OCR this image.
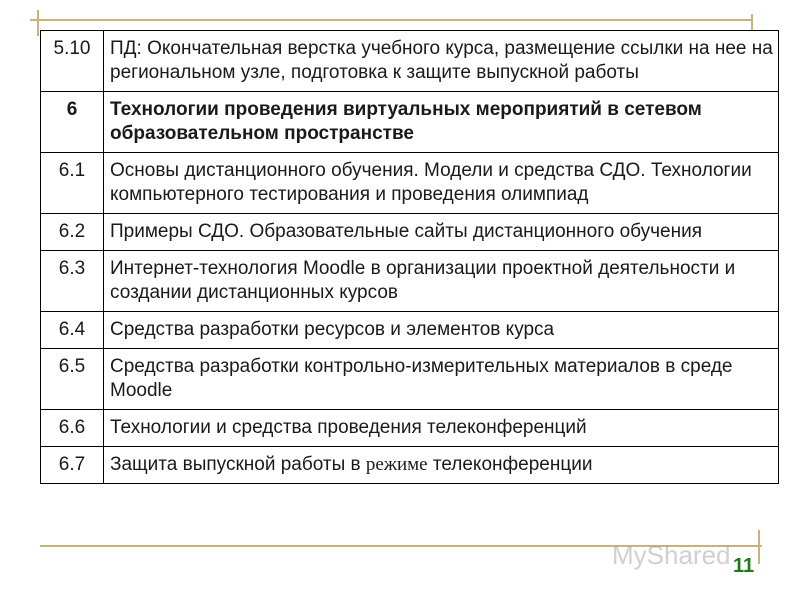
5.10	ПД: Окончательная верстка учебного курса, размещение ссылки на нее на региональном узле, подготовка к защите выпускной работы
6	Технологии проведения виртуальных мероприятий в сетевом образовательном пространстве
6.1	Основы дистанционного обучения. Модели и средства СДО. Технологии компьютерного тестирования и проведения олимпиад
6.2	Примеры СДО. Образовательные сайты дистанционного обучения
6.3	Интернет-технология Moodle в организации проектной деятельности и создании дистанционных курсов
6.4	Средства разработки ресурсов и элементов курса
6.5	Средства разработки контрольно-измерительных материалов в среде Moodle
6.6	Технологии и средства проведения телеконференций
6.7	Защита выпускной работы в режиме телеконференции
MyShared 11
